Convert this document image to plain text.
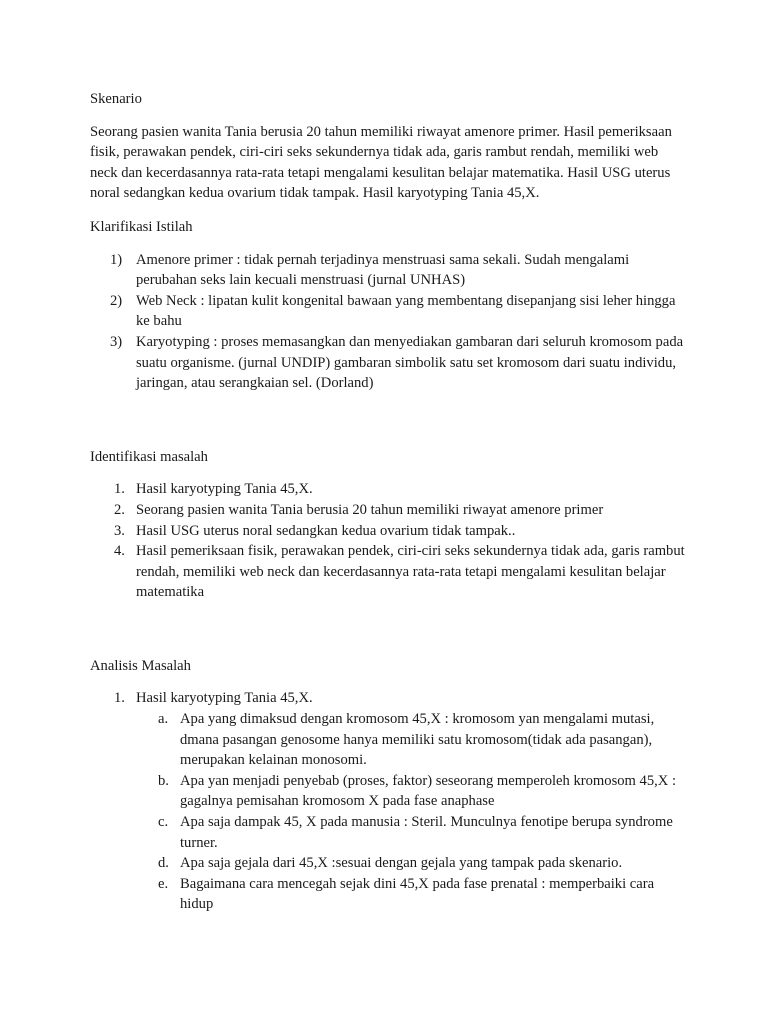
Skenario

Seorang pasien wanita Tania berusia 20 tahun memiliki riwayat amenore primer. Hasil pemeriksaan fisik, perawakan pendek, ciri-ciri seks sekundernya tidak ada, garis rambut rendah, memiliki web neck dan kecerdasannya rata-rata tetapi mengalami kesulitan belajar matematika. Hasil USG uterus noral sedangkan kedua ovarium tidak tampak. Hasil karyotyping Tania 45,X.

Klarifikasi Istilah

1) Amenore primer : tidak pernah terjadinya menstruasi sama sekali. Sudah mengalami perubahan seks lain kecuali menstruasi (jurnal UNHAS)
2) Web Neck : lipatan kulit kongenital bawaan yang membentang disepanjang sisi leher hingga ke bahu
3) Karyotyping : proses memasangkan dan menyediakan gambaran dari seluruh kromosom pada suatu organisme. (jurnal UNDIP) gambaran simbolik satu set kromosom dari suatu individu, jaringan, atau serangkaian sel. (Dorland)

Identifikasi masalah

1. Hasil karyotyping Tania 45,X.
2. Seorang pasien wanita Tania berusia 20 tahun memiliki riwayat amenore primer
3. Hasil USG uterus noral sedangkan kedua ovarium tidak tampak..
4. Hasil pemeriksaan fisik, perawakan pendek, ciri-ciri seks sekundernya tidak ada, garis rambut rendah, memiliki web neck dan kecerdasannya rata-rata tetapi mengalami kesulitan belajar matematika

Analisis Masalah

1. Hasil karyotyping Tania 45,X.
a. Apa yang dimaksud dengan kromosom 45,X : kromosom yan mengalami mutasi, dmana pasangan genosome hanya memiliki satu kromosom(tidak ada pasangan), merupakan kelainan monosomi.
b. Apa yan menjadi penyebab (proses, faktor) seseorang memperoleh kromosom 45,X : gagalnya pemisahan kromosom X pada fase anaphase
c. Apa saja dampak 45, X pada manusia : Steril. Munculnya fenotipe berupa syndrome turner.
d. Apa saja gejala dari 45,X :sesuai dengan gejala yang tampak pada skenario.
e. Bagaimana cara mencegah sejak dini 45,X pada fase prenatal : memperbaiki cara hidup
